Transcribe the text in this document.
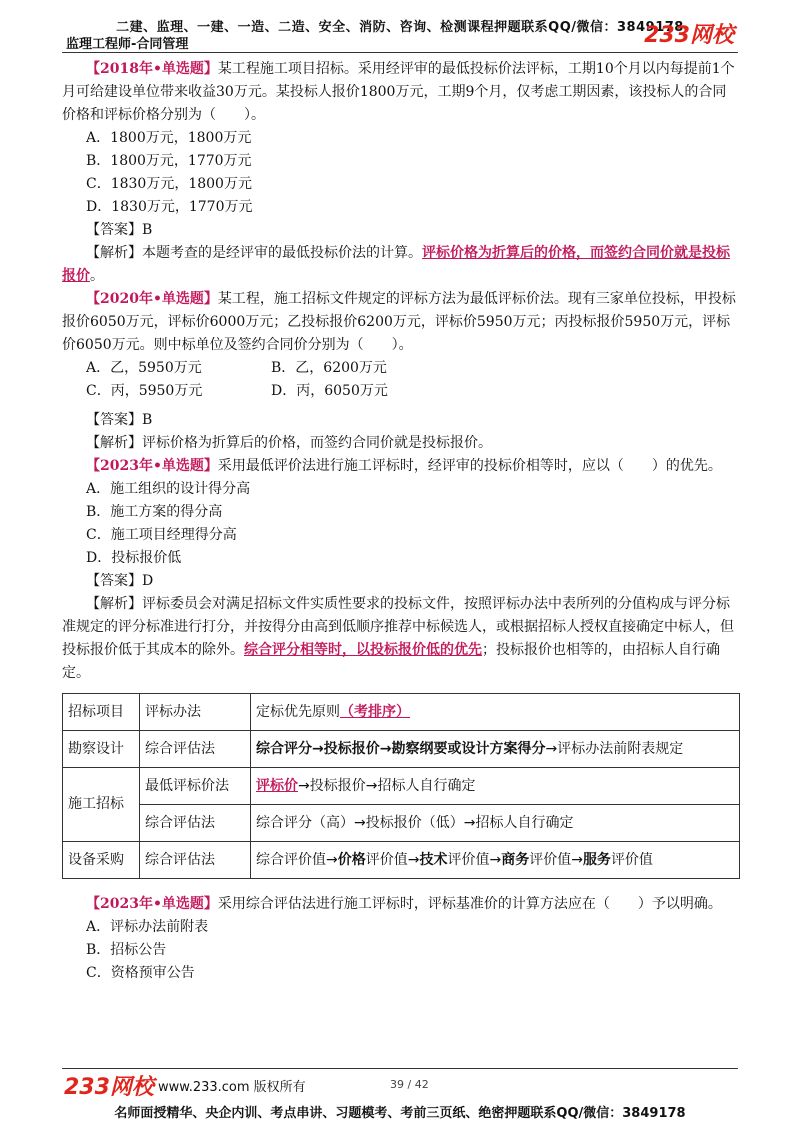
二建、监理、一建、一造、二造、安全、消防、咨询、检测课程押题联系QQ/微信：3849178
监理工程师-合同管理	233网校

【2018年•单选题】某工程施工项目招标。采用经评审的最低投标价法评标，工期10个月以内每提前1个月可给建设单位带来收益30万元。某投标人报价1800万元，工期9个月，仅考虑工期因素，该投标人的合同价格和评标价格分别为（　　）。

A．1800万元，1800万元

B．1800万元，1770万元

C．1830万元，1800万元

D．1830万元，1770万元

【答案】B

【解析】本题考查的是经评审的最低投标价法的计算。评标价格为折算后的价格，而签约合同价就是投标报价。

【2020年•单选题】某工程，施工招标文件规定的评标方法为最低评标价法。现有三家单位投标，甲投标报价6050万元，评标价6000万元；乙投标报价6200万元，评标价5950万元；丙投标报价5950万元，评标价6050万元。则中标单位及签约合同价分别为（　　）。

A．乙，5950万元	B．乙，6200万元
C．丙，5950万元	D．丙，6050万元

【答案】B

【解析】评标价格为折算后的价格，而签约合同价就是投标报价。

【2023年•单选题】采用最低评价法进行施工评标时，经评审的投标价相等时，应以（　　）的优先。

A．施工组织的设计得分高

B．施工方案的得分高

C．施工项目经理得分高

D．投标报价低

【答案】D

【解析】评标委员会对满足招标文件实质性要求的投标文件，按照评标办法中表所列的分值构成与评分标准规定的评分标准进行打分，并按得分由高到低顺序推荐中标候选人，或根据招标人授权直接确定中标人，但投标报价低于其成本的除外。综合评分相等时，以投标报价低的优先；投标报价也相等的，由招标人自行确定。

招标项目	评标办法	定标优先原则（考排序）
勘察设计	综合评估法	综合评分→投标报价→勘察纲要或设计方案得分→评标办法前附表规定
施工招标	最低评标价法	评标价→投标报价→招标人自行确定
	综合评估法	综合评分（高）→投标报价（低）→招标人自行确定
设备采购	综合评估法	综合评价值→价格评价值→技术评价值→商务评价值→服务评价值

【2023年•单选题】采用综合评估法进行施工评标时，评标基准价的计算方法应在（　　）予以明确。

A．评标办法前附表

B．招标公告

C．资格预审公告

233网校 www.233.com 版权所有	39 / 42
名师面授精华、央企内训、考点串讲、习题模考、考前三页纸、绝密押题联系QQ/微信：3849178
